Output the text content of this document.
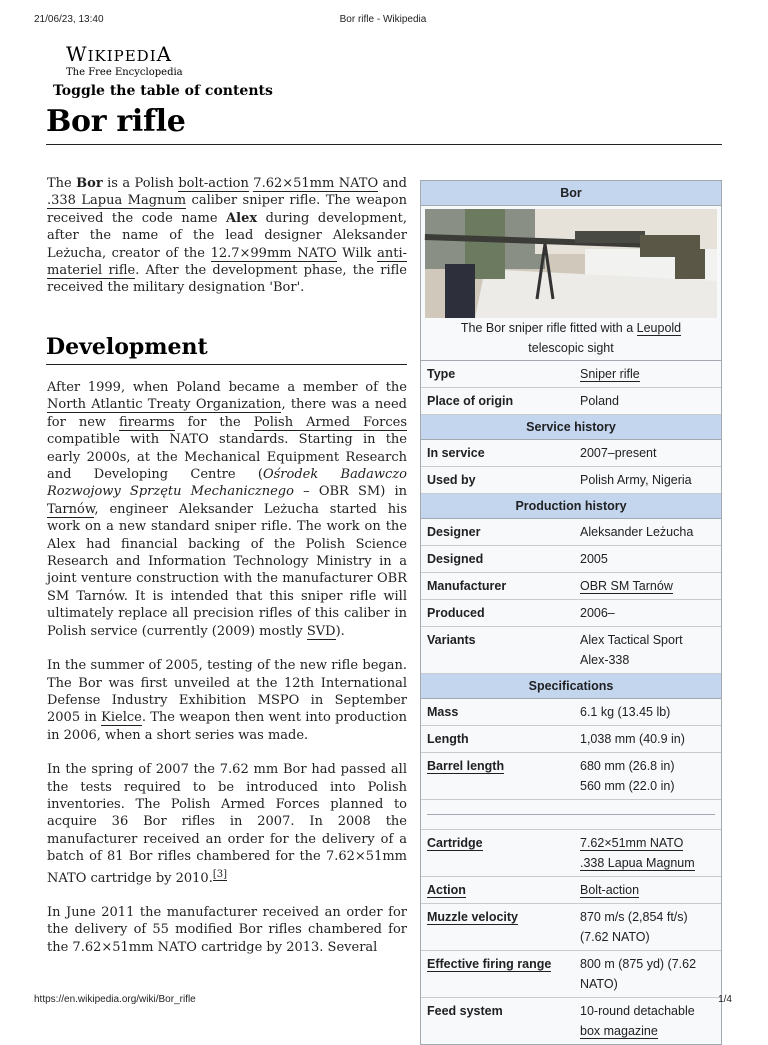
21/06/23, 13:40	Bor rifle - Wikipedia
WIKIPEDIA
The Free Encyclopedia
Toggle the table of contents
Bor rifle

The Bor is a Polish bolt-action 7.62×51mm NATO and .338 Lapua Magnum caliber sniper rifle. The weapon received the code name Alex during development, after the name of the lead designer Aleksander Leżucha, creator of the 12.7×99mm NATO Wilk anti-materiel rifle. After the development phase, the rifle received the military designation 'Bor'.

Development

After 1999, when Poland became a member of the North Atlantic Treaty Organization, there was a need for new firearms for the Polish Armed Forces compatible with NATO standards. Starting in the early 2000s, at the Mechanical Equipment Research and Developing Centre (Ośrodek Badawczo Rozwojowy Sprzętu Mechanicznego – OBR SM) in Tarnów, engineer Aleksander Leżucha started his work on a new standard sniper rifle. The work on the Alex had financial backing of the Polish Science Research and Information Technology Ministry in a joint venture construction with the manufacturer OBR SM Tarnów. It is intended that this sniper rifle will ultimately replace all precision rifles of this caliber in Polish service (currently (2009) mostly SVD).

In the summer of 2005, testing of the new rifle began. The Bor was first unveiled at the 12th International Defense Industry Exhibition MSPO in September 2005 in Kielce. The weapon then went into production in 2006, when a short series was made.

In the spring of 2007 the 7.62 mm Bor had passed all the tests required to be introduced into Polish inventories. The Polish Armed Forces planned to acquire 36 Bor rifles in 2007. In 2008 the manufacturer received an order for the delivery of a batch of 81 Bor rifles chambered for the 7.62×51mm NATO cartridge by 2010.[3]

In June 2011 the manufacturer received an order for the delivery of 55 modified Bor rifles chambered for the 7.62×51mm NATO cartridge by 2013. Several

Bor
The Bor sniper rifle fitted with a Leupold
telescopic sight
Type	Sniper rifle
Place of origin	Poland
Service history
In service	2007–present
Used by	Polish Army, Nigeria
Production history
Designer	Aleksander Leżucha
Designed	2005
Manufacturer	OBR SM Tarnów
Produced	2006–
Variants	Alex Tactical Sport
Alex-338
Specifications
Mass	6.1 kg (13.45 lb)
Length	1,038 mm (40.9 in)
Barrel length	680 mm (26.8 in)
560 mm (22.0 in)
Cartridge	7.62×51mm NATO
.338 Lapua Magnum
Action	Bolt-action
Muzzle velocity	870 m/s (2,854 ft/s) (7.62 NATO)
Effective firing range	800 m (875 yd) (7.62 NATO)
Feed system	10-round detachable
box magazine
https://en.wikipedia.org/wiki/Bor_rifle	1/4
